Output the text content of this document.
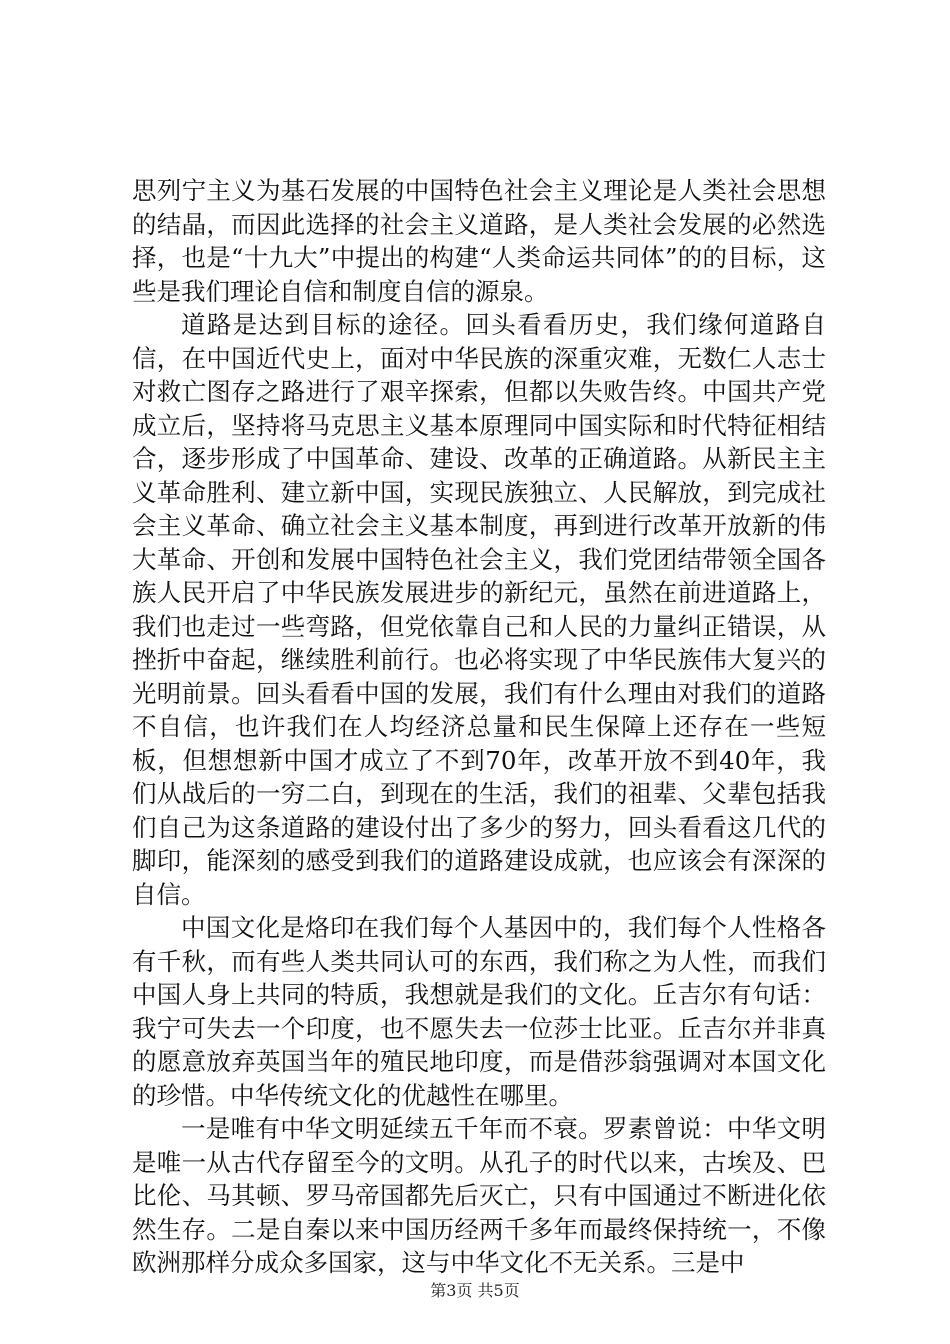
思列宁主义为基石发展的中国特色社会主义理论是人类社会思想的结晶，而因此选择的社会主义道路，是人类社会发展的必然选择，也是“十九大”中提出的构建“人类命运共同体”的的目标，这些是我们理论自信和制度自信的源泉。

道路是达到目标的途径。回头看看历史，我们缘何道路自信，在中国近代史上，面对中华民族的深重灾难，无数仁人志士对救亡图存之路进行了艰辛探索，但都以失败告终。中国共产党成立后，坚持将马克思主义基本原理同中国实际和时代特征相结合，逐步形成了中国革命、建设、改革的正确道路。从新民主主义革命胜利、建立新中国，实现民族独立、人民解放，到完成社会主义革命、确立社会主义基本制度，再到进行改革开放新的伟大革命、开创和发展中国特色社会主义，我们党团结带领全国各族人民开启了中华民族发展进步的新纪元，虽然在前进道路上，我们也走过一些弯路，但党依靠自己和人民的力量纠正错误，从挫折中奋起，继续胜利前行。也必将实现了中华民族伟大复兴的光明前景。回头看看中国的发展，我们有什么理由对我们的道路不自信，也许我们在人均经济总量和民生保障上还存在一些短板，但想想新中国才成立了不到70年，改革开放不到40年，我们从战后的一穷二白，到现在的生活，我们的祖辈、父辈包括我们自己为这条道路的建设付出了多少的努力，回头看看这几代的脚印，能深刻的感受到我们的道路建设成就，也应该会有深深的自信。

中国文化是烙印在我们每个人基因中的，我们每个人性格各有千秋，而有些人类共同认可的东西，我们称之为人性，而我们中国人身上共同的特质，我想就是我们的文化。丘吉尔有句话：我宁可失去一个印度，也不愿失去一位莎士比亚。丘吉尔并非真的愿意放弃英国当年的殖民地印度，而是借莎翁强调对本国文化的珍惜。中华传统文化的优越性在哪里。

一是唯有中华文明延续五千年而不衰。罗素曾说：中华文明是唯一从古代存留至今的文明。从孔子的时代以来，古埃及、巴比伦、马其顿、罗马帝国都先后灭亡，只有中国通过不断进化依然生存。二是自秦以来中国历经两千多年而最终保持统一，不像欧洲那样分成众多国家，这与中华文化不无关系。三是中

第3页 共5页
